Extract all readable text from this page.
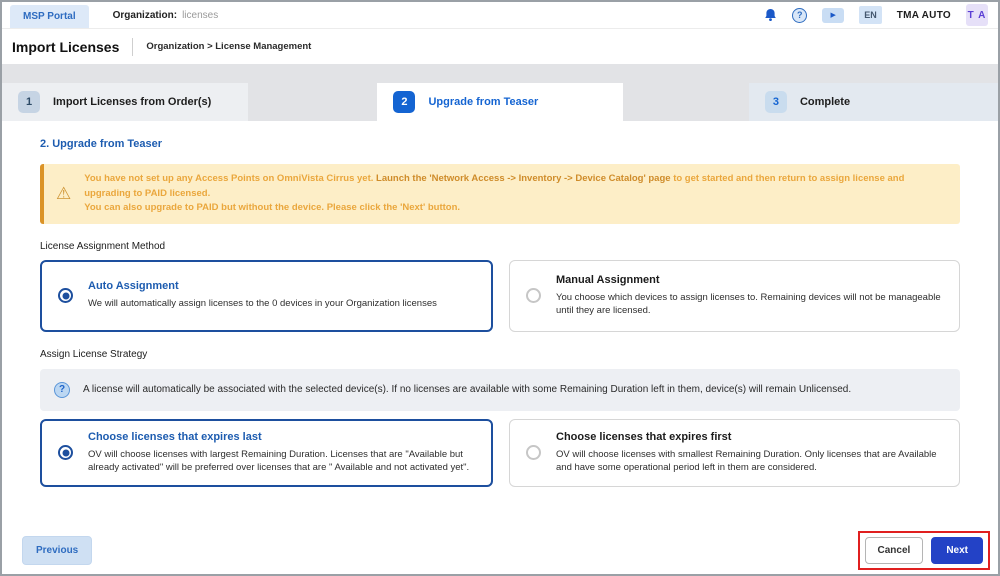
MSP Portal	Organization: licenses	?	▶	EN	TMA AUTO T A
Import Licenses	Organization > License Management
1	Import Licenses from Order(s)	2	Upgrade from Teaser	3	Complete
2. Upgrade from Teaser
⚠
You have not set up any Access Points on OmniVista Cirrus yet. Launch the 'Network Access -> Inventory -> Device Catalog' page to get started and then return to assign license and upgrading to PAID licensed.
You can also upgrade to PAID but without the device. Please click the 'Next' button.
License Assignment Method
Auto Assignment
We will automatically assign licenses to the 0 devices in your Organization licenses
Manual Assignment
You choose which devices to assign licenses to. Remaining devices will not be manageable until they are licensed.
Assign License Strategy
?	A license will automatically be associated with the selected device(s). If no licenses are available with some Remaining Duration left in them, device(s) will remain Unlicensed.
Choose licenses that expires last
OV will choose licenses with largest Remaining Duration. Licenses that are "Available but already activated" will be preferred over licenses that are " Available and not activated yet".
Choose licenses that expires first
OV will choose licenses with smallest Remaining Duration. Only licenses that are Available and have some operational period left in them are considered.
Previous	Cancel	Next
